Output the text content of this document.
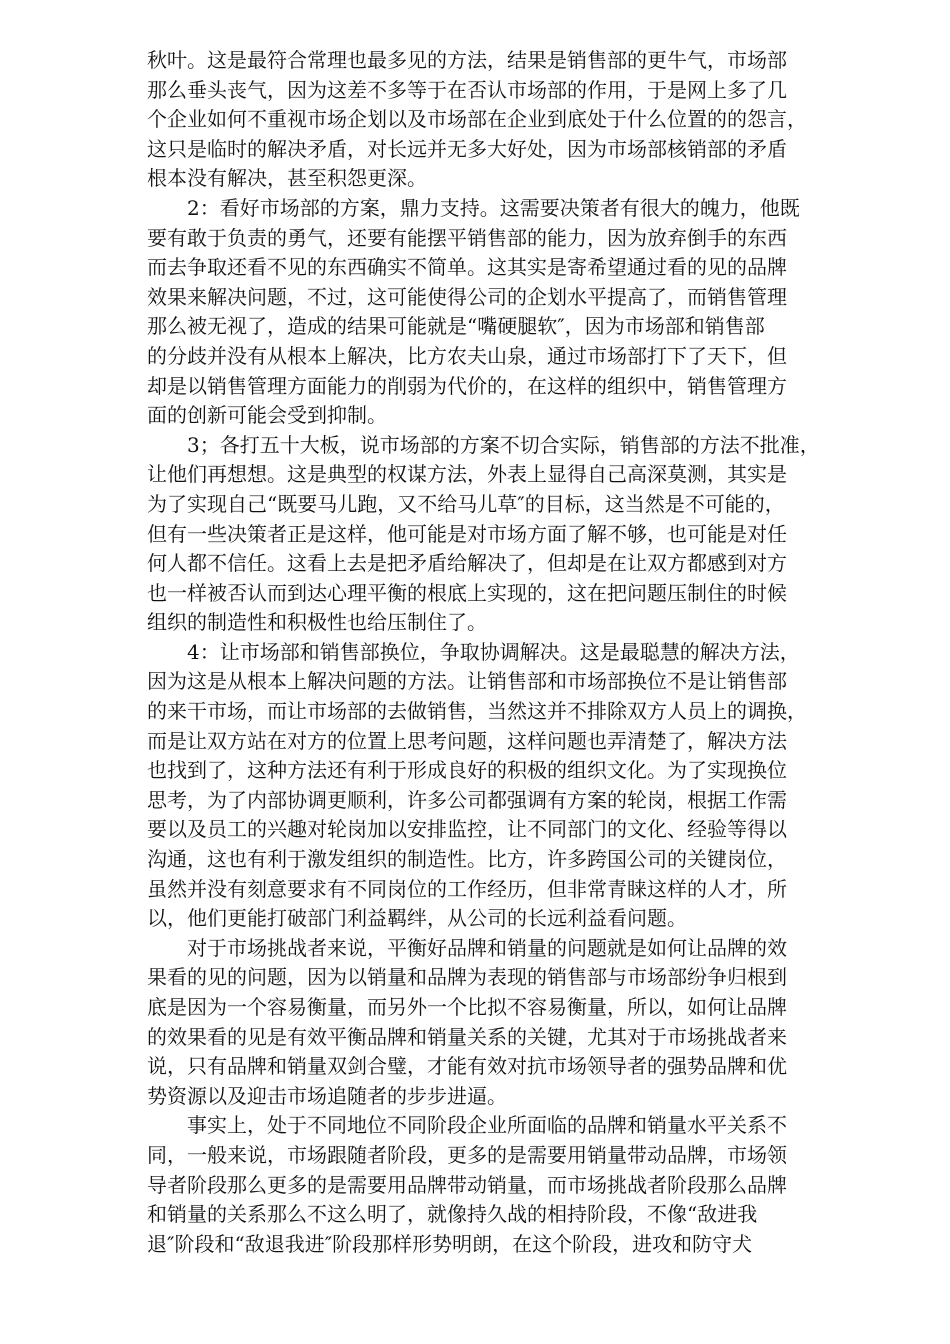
秋叶。这是最符合常理也最多见的方法，结果是销售部的更牛气，市场部
那么垂头丧气，因为这差不多等于在否认市场部的作用，于是网上多了几
个企业如何不重视市场企划以及市场部在企业到底处于什么位置的的怨言，
这只是临时的解决矛盾，对长远并无多大好处，因为市场部核销部的矛盾
根本没有解决，甚至积怨更深。

　　2：看好市场部的方案，鼎力支持。这需要决策者有很大的魄力，他既
要有敢于负责的勇气，还要有能摆平销售部的能力，因为放弃倒手的东西
而去争取还看不见的东西确实不简单。这其实是寄希望通过看的见的品牌
效果来解决问题，不过，这可能使得公司的企划水平提高了，而销售管理
那么被无视了，造成的结果可能就是“嘴硬腿软″，因为市场部和销售部
的分歧并没有从根本上解决，比方农夫山泉，通过市场部打下了天下，但
却是以销售管理方面能力的削弱为代价的，在这样的组织中，销售管理方
面的创新可能会受到抑制。

　　3；各打五十大板，说市场部的方案不切合实际，销售部的方法不批准，
让他们再想想。这是典型的权谋方法，外表上显得自己高深莫测，其实是
为了实现自己“既要马儿跑，又不给马儿草″的目标，这当然是不可能的，
但有一些决策者正是这样，他可能是对市场方面了解不够，也可能是对任
何人都不信任。这看上去是把矛盾给解决了，但却是在让双方都感到对方
也一样被否认而到达心理平衡的根底上实现的，这在把问题压制住的时候
组织的制造性和积极性也给压制住了。

　　4：让市场部和销售部换位，争取协调解决。这是最聪慧的解决方法，
因为这是从根本上解决问题的方法。让销售部和市场部换位不是让销售部
的来干市场，而让市场部的去做销售，当然这并不排除双方人员上的调换，
而是让双方站在对方的位置上思考问题，这样问题也弄清楚了，解决方法
也找到了，这种方法还有利于形成良好的积极的组织文化。为了实现换位
思考，为了内部协调更顺利，许多公司都强调有方案的轮岗，根据工作需
要以及员工的兴趣对轮岗加以安排监控，让不同部门的文化、经验等得以
沟通，这也有利于激发组织的制造性。比方，许多跨国公司的关键岗位，
虽然并没有刻意要求有不同岗位的工作经历，但非常青睐这样的人才，所
以，他们更能打破部门利益羁绊，从公司的长远利益看问题。

　　对于市场挑战者来说，平衡好品牌和销量的问题就是如何让品牌的效
果看的见的问题，因为以销量和品牌为表现的销售部与市场部纷争归根到
底是因为一个容易衡量，而另外一个比拟不容易衡量，所以，如何让品牌
的效果看的见是有效平衡品牌和销量关系的关键，尤其对于市场挑战者来
说，只有品牌和销量双剑合璧，才能有效对抗市场领导者的强势品牌和优
势资源以及迎击市场追随者的步步进逼。

　　事实上，处于不同地位不同阶段企业所面临的品牌和销量水平关系不
同，一般来说，市场跟随者阶段，更多的是需要用销量带动品牌，市场领
导者阶段那么更多的是需要用品牌带动销量，而市场挑战者阶段那么品牌
和销量的关系那么不这么明了，就像持久战的相持阶段，不像“敌进我
退″阶段和“敌退我进″阶段那样形势明朗，在这个阶段，进攻和防守犬
